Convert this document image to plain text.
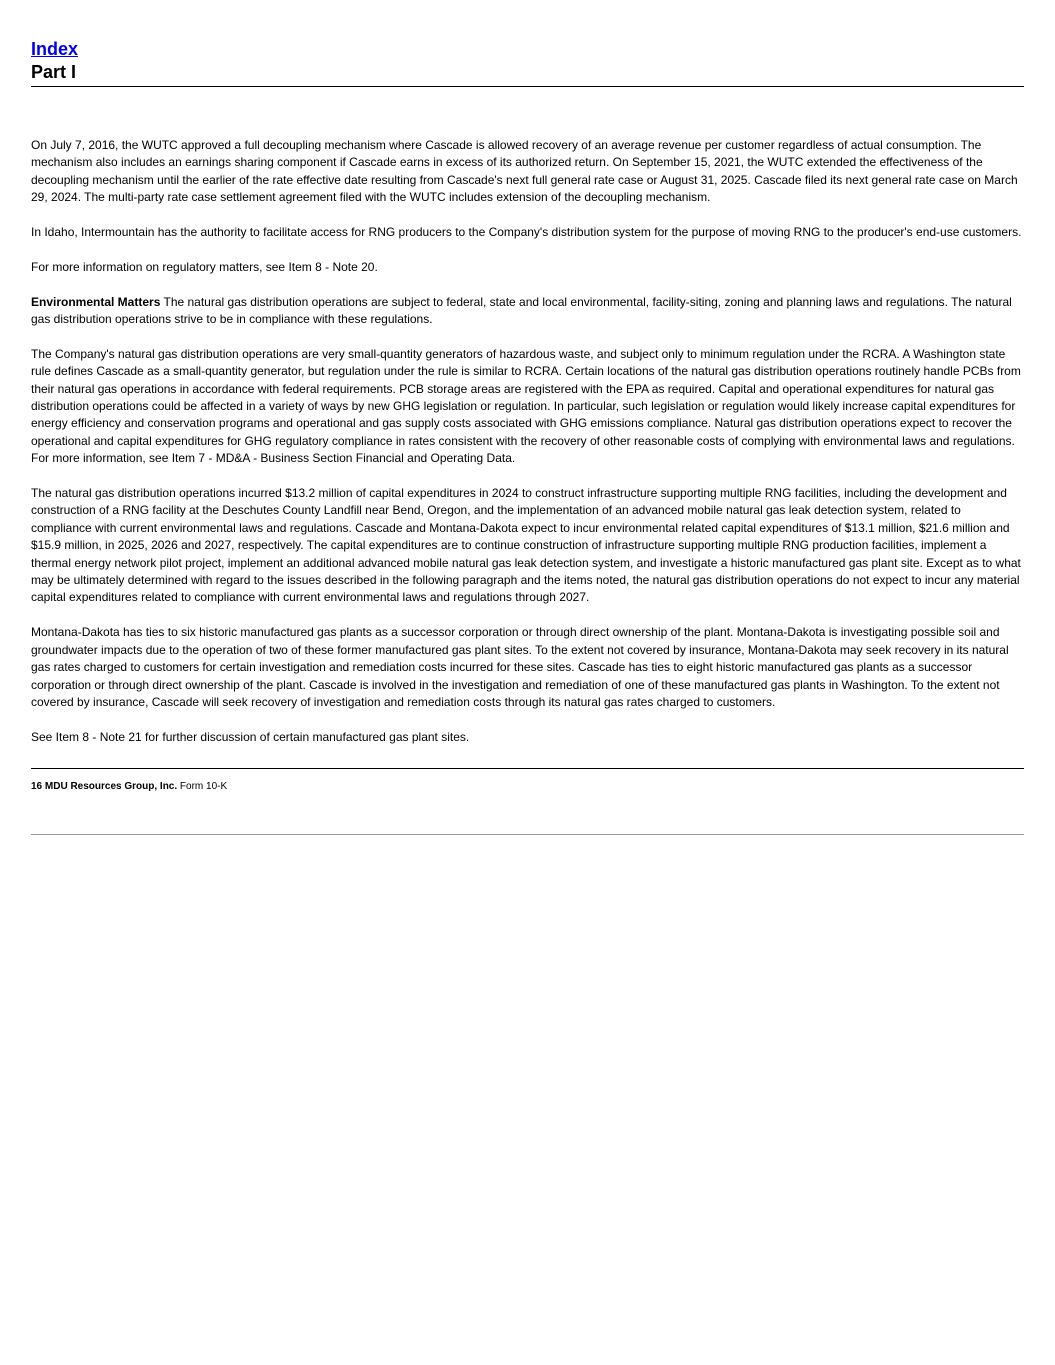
Index
Part I

On July 7, 2016, the WUTC approved a full decoupling mechanism where Cascade is allowed recovery of an average revenue per customer regardless of actual consumption. The mechanism also includes an earnings sharing component if Cascade earns in excess of its authorized return. On September 15, 2021, the WUTC extended the effectiveness of the decoupling mechanism until the earlier of the rate effective date resulting from Cascade's next full general rate case or August 31, 2025. Cascade filed its next general rate case on March 29, 2024. The multi-party rate case settlement agreement filed with the WUTC includes extension of the decoupling mechanism.

In Idaho, Intermountain has the authority to facilitate access for RNG producers to the Company's distribution system for the purpose of moving RNG to the producer's end-use customers.

For more information on regulatory matters, see Item 8 - Note 20.

Environmental Matters The natural gas distribution operations are subject to federal, state and local environmental, facility-siting, zoning and planning laws and regulations. The natural gas distribution operations strive to be in compliance with these regulations.

The Company's natural gas distribution operations are very small-quantity generators of hazardous waste, and subject only to minimum regulation under the RCRA. A Washington state rule defines Cascade as a small-quantity generator, but regulation under the rule is similar to RCRA. Certain locations of the natural gas distribution operations routinely handle PCBs from their natural gas operations in accordance with federal requirements. PCB storage areas are registered with the EPA as required. Capital and operational expenditures for natural gas distribution operations could be affected in a variety of ways by new GHG legislation or regulation. In particular, such legislation or regulation would likely increase capital expenditures for energy efficiency and conservation programs and operational and gas supply costs associated with GHG emissions compliance. Natural gas distribution operations expect to recover the operational and capital expenditures for GHG regulatory compliance in rates consistent with the recovery of other reasonable costs of complying with environmental laws and regulations. For more information, see Item 7 - MD&A - Business Section Financial and Operating Data.

The natural gas distribution operations incurred $13.2 million of capital expenditures in 2024 to construct infrastructure supporting multiple RNG facilities, including the development and construction of a RNG facility at the Deschutes County Landfill near Bend, Oregon, and the implementation of an advanced mobile natural gas leak detection system, related to compliance with current environmental laws and regulations. Cascade and Montana-Dakota expect to incur environmental related capital expenditures of $13.1 million, $21.6 million and $15.9 million, in 2025, 2026 and 2027, respectively. The capital expenditures are to continue construction of infrastructure supporting multiple RNG production facilities, implement a thermal energy network pilot project, implement an additional advanced mobile natural gas leak detection system, and investigate a historic manufactured gas plant site. Except as to what may be ultimately determined with regard to the issues described in the following paragraph and the items noted, the natural gas distribution operations do not expect to incur any material capital expenditures related to compliance with current environmental laws and regulations through 2027.

Montana-Dakota has ties to six historic manufactured gas plants as a successor corporation or through direct ownership of the plant. Montana-Dakota is investigating possible soil and groundwater impacts due to the operation of two of these former manufactured gas plant sites. To the extent not covered by insurance, Montana-Dakota may seek recovery in its natural gas rates charged to customers for certain investigation and remediation costs incurred for these sites. Cascade has ties to eight historic manufactured gas plants as a successor corporation or through direct ownership of the plant. Cascade is involved in the investigation and remediation of one of these manufactured gas plants in Washington. To the extent not covered by insurance, Cascade will seek recovery of investigation and remediation costs through its natural gas rates charged to customers.

See Item 8 - Note 21 for further discussion of certain manufactured gas plant sites.

16 MDU Resources Group, Inc. Form 10-K
